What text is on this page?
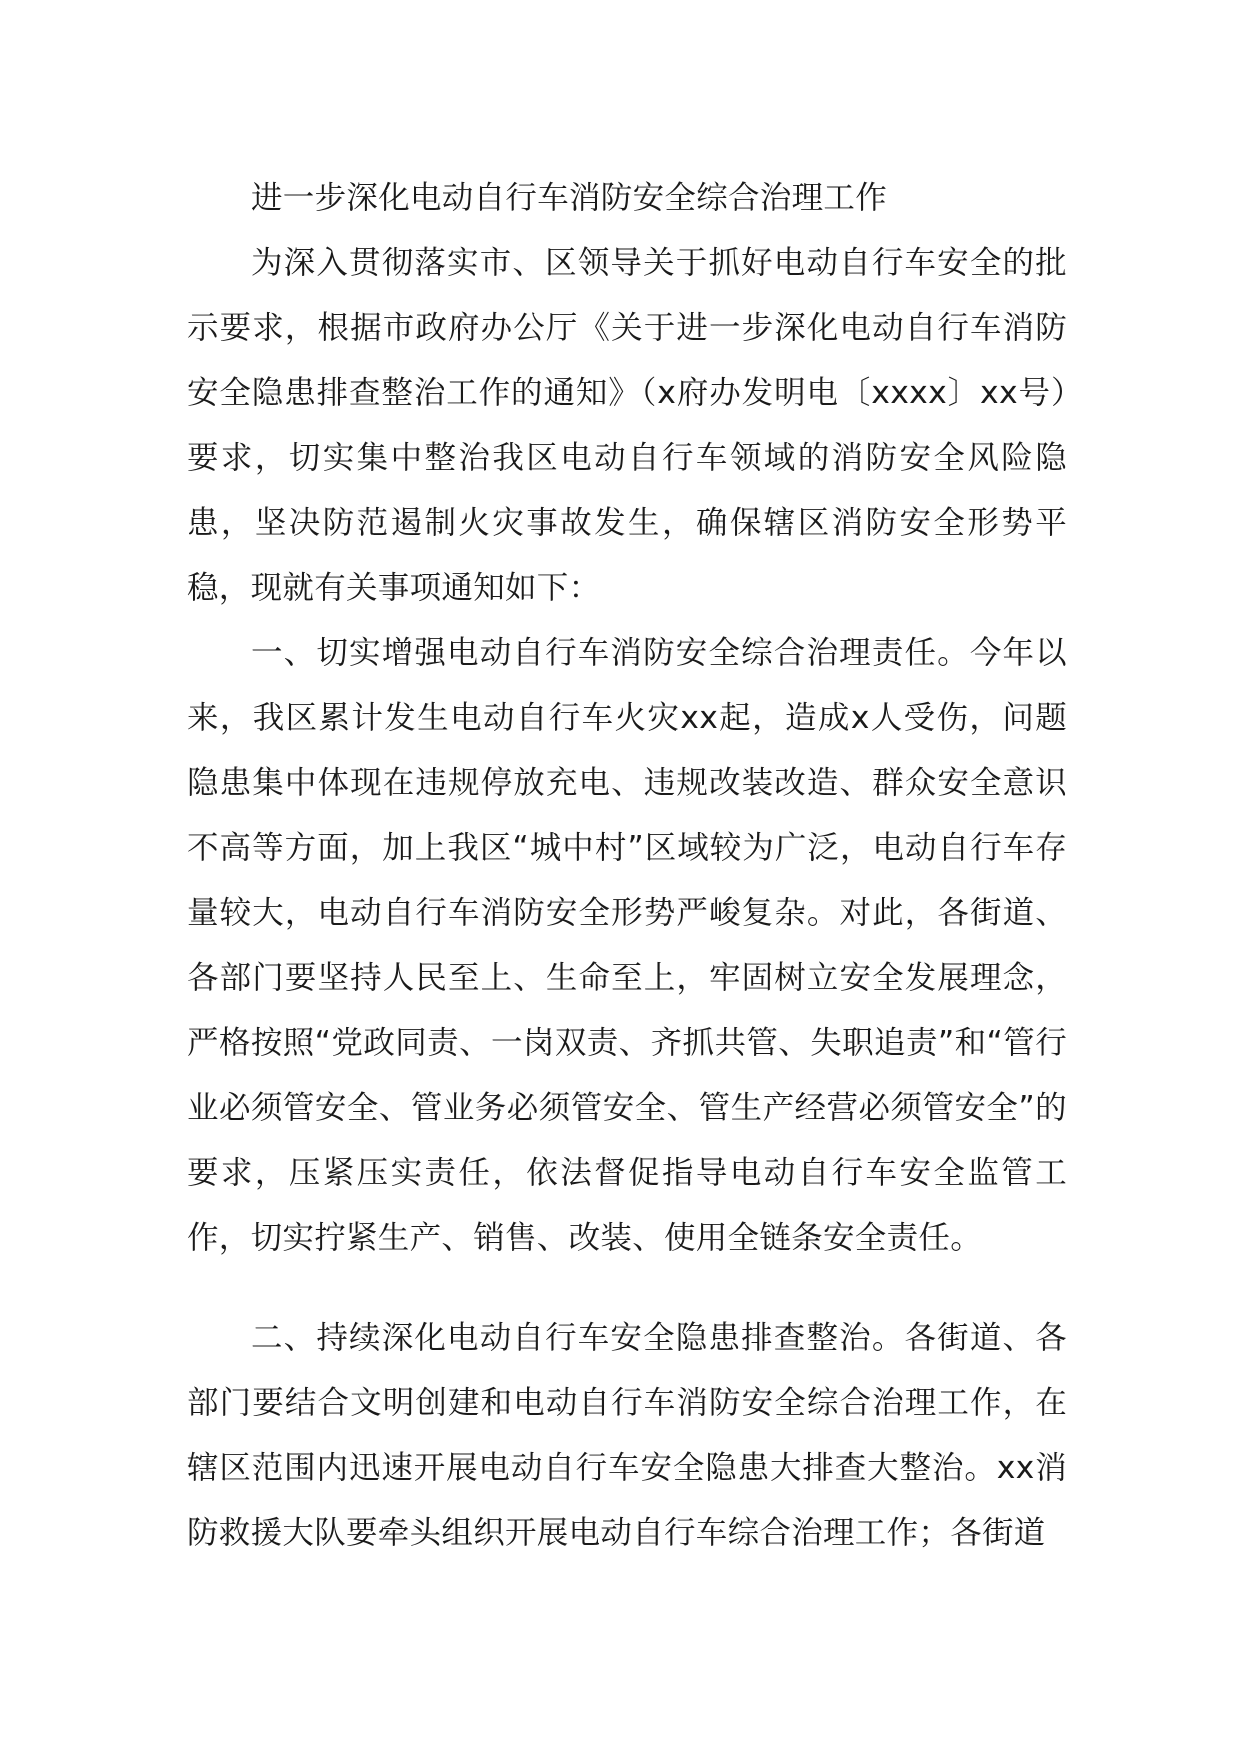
进一步深化电动自行车消防安全综合治理工作

为深入贯彻落实市、区领导关于抓好电动自行车安全的批示要求，根据市政府办公厅《关于进一步深化电动自行车消防安全隐患排查整治工作的通知》（x府办发明电〔xxxx〕xx号）要求，切实集中整治我区电动自行车领域的消防安全风险隐患，坚决防范遏制火灾事故发生，确保辖区消防安全形势平稳，现就有关事项通知如下：

一、切实增强电动自行车消防安全综合治理责任。今年以来，我区累计发生电动自行车火灾xx起，造成x人受伤，问题隐患集中体现在违规停放充电、违规改装改造、群众安全意识不高等方面，加上我区“城中村”区域较为广泛，电动自行车存量较大，电动自行车消防安全形势严峻复杂。对此，各街道、各部门要坚持人民至上、生命至上，牢固树立安全发展理念，严格按照“党政同责、一岗双责、齐抓共管、失职追责”和“管行业必须管安全、管业务必须管安全、管生产经营必须管安全”的要求，压紧压实责任，依法督促指导电动自行车安全监管工作，切实拧紧生产、销售、改装、使用全链条安全责任。

二、持续深化电动自行车安全隐患排查整治。各街道、各部门要结合文明创建和电动自行车消防安全综合治理工作，在辖区范围内迅速开展电动自行车安全隐患大排查大整治。xx消防救援大队要牵头组织开展电动自行车综合治理工作；各街道
